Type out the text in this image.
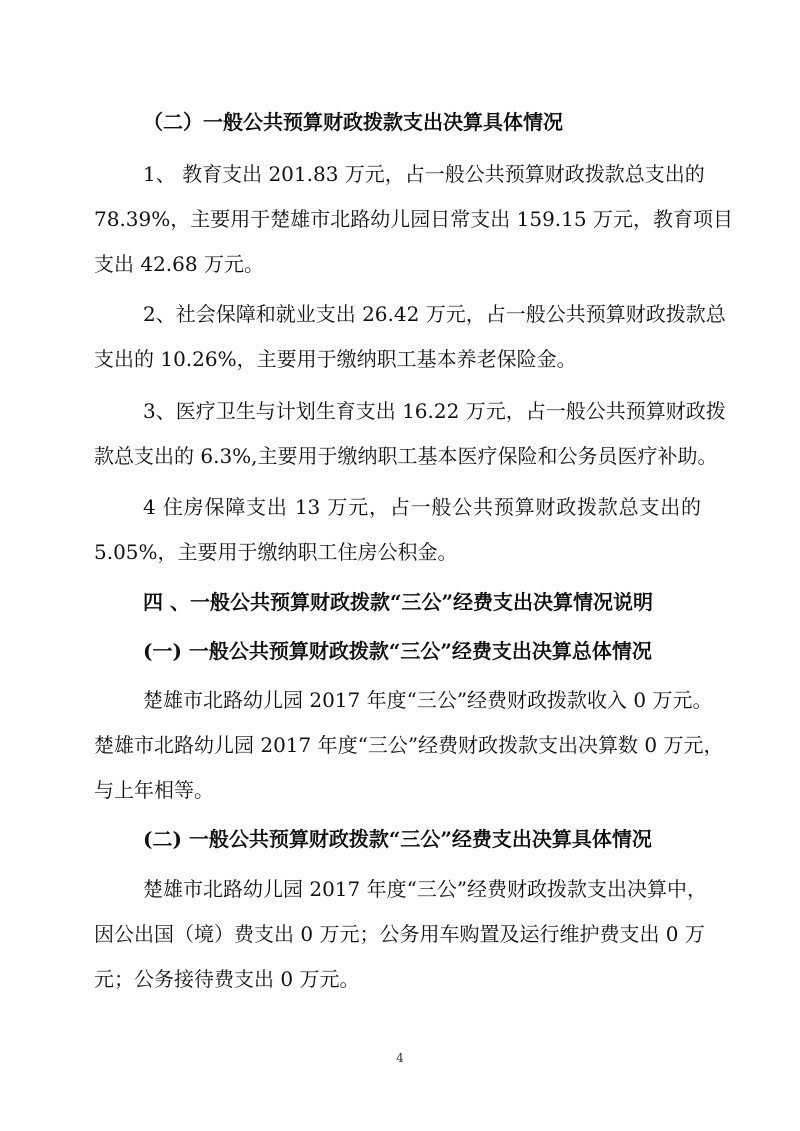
（二）一般公共预算财政拨款支出决算具体情况
1、 教育支出 201.83 万元，占一般公共预算财政拨款总支出的
78.39%，主要用于楚雄市北路幼儿园日常支出 159.15 万元，教育项目
支出 42.68 万元。
2、社会保障和就业支出 26.42 万元，占一般公共预算财政拨款总
支出的 10.26%，主要用于缴纳职工基本养老保险金。
3、医疗卫生与计划生育支出 16.22 万元，占一般公共预算财政拨
款总支出的 6.3%,主要用于缴纳职工基本医疗保险和公务员医疗补助。
4 住房保障支出 13 万元，占一般公共预算财政拨款总支出的
5.05%，主要用于缴纳职工住房公积金。
四 、一般公共预算财政拨款“三公”经费支出决算情况说明
(一) 一般公共预算财政拨款“三公”经费支出决算总体情况
楚雄市北路幼儿园 2017 年度“三公”经费财政拨款收入 0 万元。
楚雄市北路幼儿园 2017 年度“三公”经费财政拨款支出决算数 0 万元，
与上年相等。
(二) 一般公共预算财政拨款“三公”经费支出决算具体情况
楚雄市北路幼儿园 2017 年度“三公”经费财政拨款支出决算中，
因公出国（境）费支出 0 万元；公务用车购置及运行维护费支出 0 万
元；公务接待费支出 0 万元。
4
